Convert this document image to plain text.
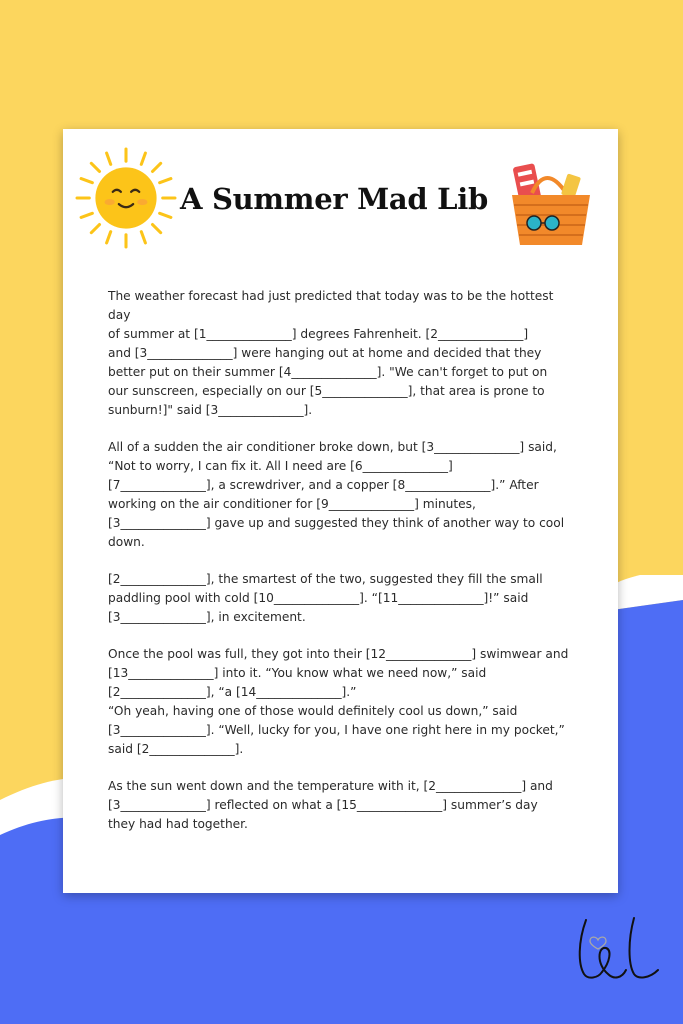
A Summer Mad Lib

The weather forecast had just predicted that today was to be the hottest day
of summer at [1______________] degrees Fahrenheit. [2______________]
and [3______________] were hanging out at home and decided that they
better put on their summer [4______________]. "We can't forget to put on
our sunscreen, especially on our [5______________], that area is prone to
sunburn!]" said [3______________].

All of a sudden the air conditioner broke down, but [3______________] said,
“Not to worry, I can fix it. All I need are [6______________]
[7______________], a screwdriver, and a copper [8______________].” After
working on the air conditioner for [9______________] minutes,
[3______________] gave up and suggested they think of another way to cool
down.

[2______________], the smartest of the two, suggested they fill the small
paddling pool with cold [10______________]. “[11______________]!” said
[3______________], in excitement.

Once the pool was full, they got into their [12______________] swimwear and
[13______________] into it. “You know what we need now,” said
[2______________], “a [14______________].”
“Oh yeah, having one of those would definitely cool us down,” said
[3______________]. “Well, lucky for you, I have one right here in my pocket,”
said [2______________].

As the sun went down and the temperature with it, [2______________] and
[3______________] reflected on what a [15______________] summer’s day
they had had together.
